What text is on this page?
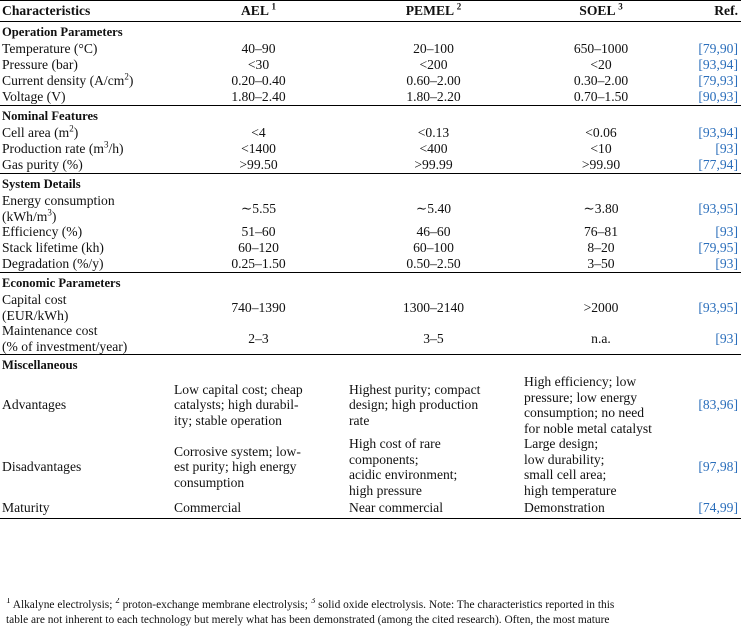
Characteristics	AEL $^1$	PEMEL $^2$	SOEL $^3$	Ref.
Operation Parameters				
Temperature (°C)	40–90	20–100	650–1000	[79,90]
Pressure (bar)	<30	<200	<20	[93,94]
Current density $(A/cm^2)$	0.20–0.40	0.60–2.00	0.30–2.00	[79,93]
Voltage (V)	1.80–2.40	1.80–2.20	0.70–1.50	[90,93]
Nominal Features				
Cell area $(m^2)$	<4	<0.13	<0.06	[93,94]
Production rate $(m^3/h)$	<1400	<400	<10	[93]
Gas purity (%)	>99.50	>99.99	>99.90	[77,94]
System Details				
Energy consumption
$(kWh/m^3)$	∼5.55	∼5.40	∼3.80	[93,95]
Efficiency (%)	51–60	46–60	76–81	[93]
Stack lifetime (kh)	60–120	60–100	8–20	[79,95]
Degradation (%/y)	0.25–1.50	0.50–2.50	3–50	[93]
Economic Parameters				
Capital cost
(EUR/kWh)	740–1390	1300–2140	>2000	[93,95]
Maintenance cost
(% of investment/year)	2–3	3–5	n.a.	[93]
Miscellaneous				
Advantages	Low capital cost; cheap
catalysts; high durabil-
ity; stable operation	Highest purity; compact
design; high production
rate	High efficiency; low
pressure; low energy
consumption; no need
for noble metal catalyst	[83,96]
Disadvantages	Corrosive system; low-
est purity; high energy
consumption	High cost of rare
components;
acidic environment;
high pressure	Large design;
low durability;
small cell area;
high temperature	[97,98]
Maturity	Commercial	Near commercial	Demonstration	[74,99]
$^1$ Alkalyne electrolysis; $^2$ proton-exchange membrane electrolysis; $^3$ solid oxide electrolysis. Note: The characteristics reported in this
table are not inherent to each technology but merely what has been demonstrated (among the cited research). Often, the most mature
